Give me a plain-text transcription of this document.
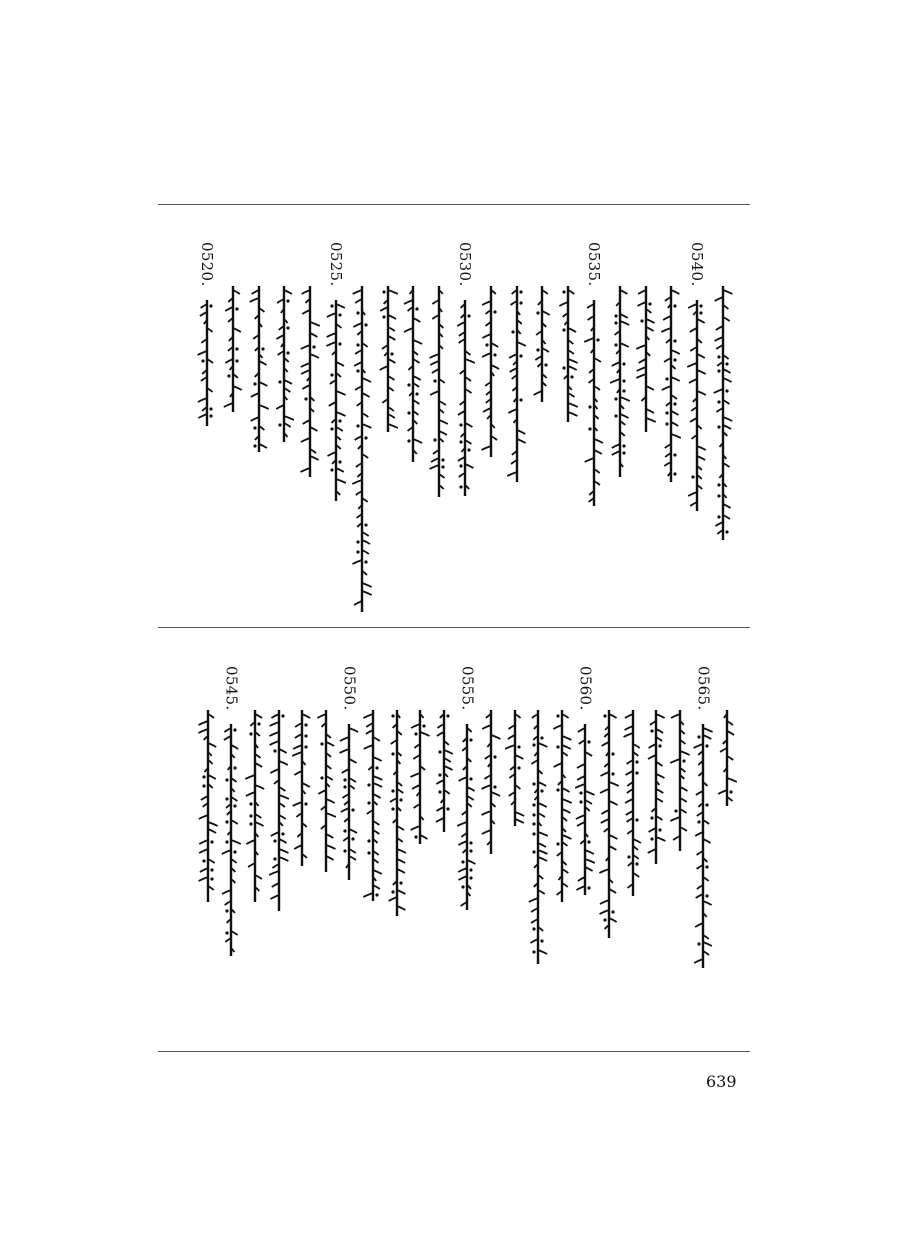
0540.
0535.
0530.
0525.
0520.
0565.
0560.
0555.
0550.
0545.
639
